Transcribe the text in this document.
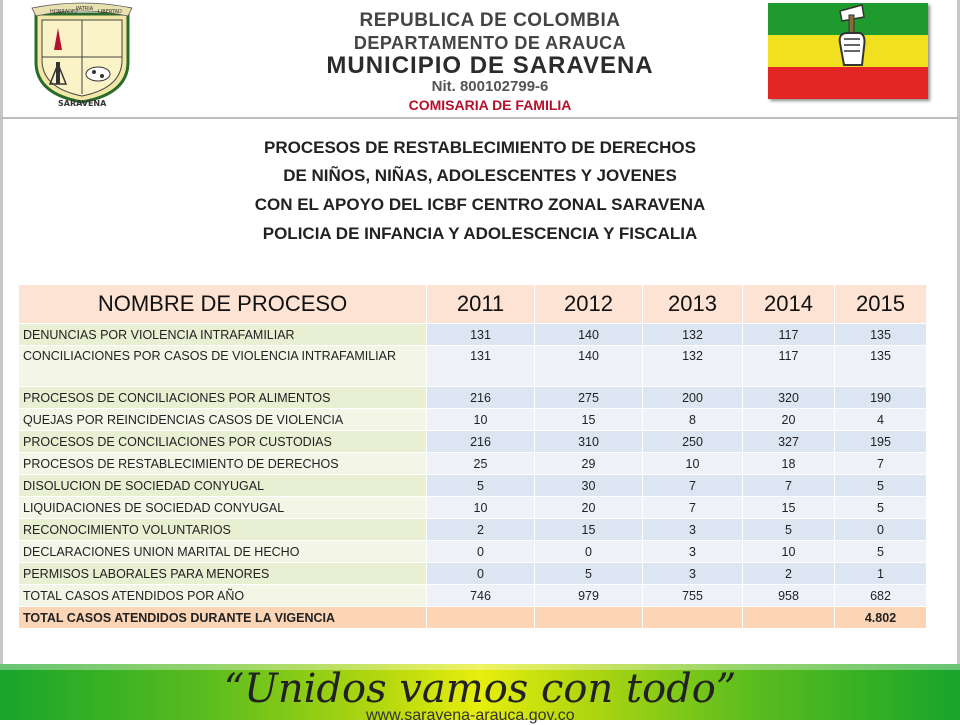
HONRADEZ
PATRIA LIBERTAD
SARAVENA
REPUBLICA DE COLOMBIA
DEPARTAMENTO DE ARAUCA
MUNICIPIO DE SARAVENA
Nit. 800102799-6
COMISARIA DE FAMILIA
PROCESOS DE RESTABLECIMIENTO DE DERECHOS
DE NIÑOS, NIÑAS, ADOLESCENTES Y JOVENES
CON EL APOYO DEL ICBF CENTRO ZONAL SARAVENA
POLICIA DE INFANCIA Y ADOLESCENCIA Y FISCALIA
NOMBRE DE PROCESO	2011	2012	2013	2014	2015
DENUNCIAS POR VIOLENCIA INTRAFAMILIAR	131	140	132	117	135
CONCILIACIONES POR CASOS DE VIOLENCIA INTRAFAMILIAR	131	140	132	117	135
PROCESOS DE CONCILIACIONES POR ALIMENTOS	216	275	200	320	190
QUEJAS POR REINCIDENCIAS CASOS DE VIOLENCIA	10	15	8	20	4
PROCESOS DE CONCILIACIONES POR CUSTODIAS	216	310	250	327	195
PROCESOS DE RESTABLECIMIENTO DE DERECHOS	25	29	10	18	7
DISOLUCION DE SOCIEDAD CONYUGAL	5	30	7	7	5
LIQUIDACIONES DE SOCIEDAD CONYUGAL	10	20	7	15	5
RECONOCIMIENTO VOLUNTARIOS	2	15	3	5	0
DECLARACIONES UNION MARITAL DE HECHO	0	0	3	10	5
PERMISOS LABORALES PARA MENORES	0	5	3	2	1
TOTAL CASOS ATENDIDOS POR AÑO	746	979	755	958	682
TOTAL CASOS ATENDIDOS DURANTE LA VIGENCIA					4.802
“Unidos vamos con todo”
www.saravena-arauca.gov.co
